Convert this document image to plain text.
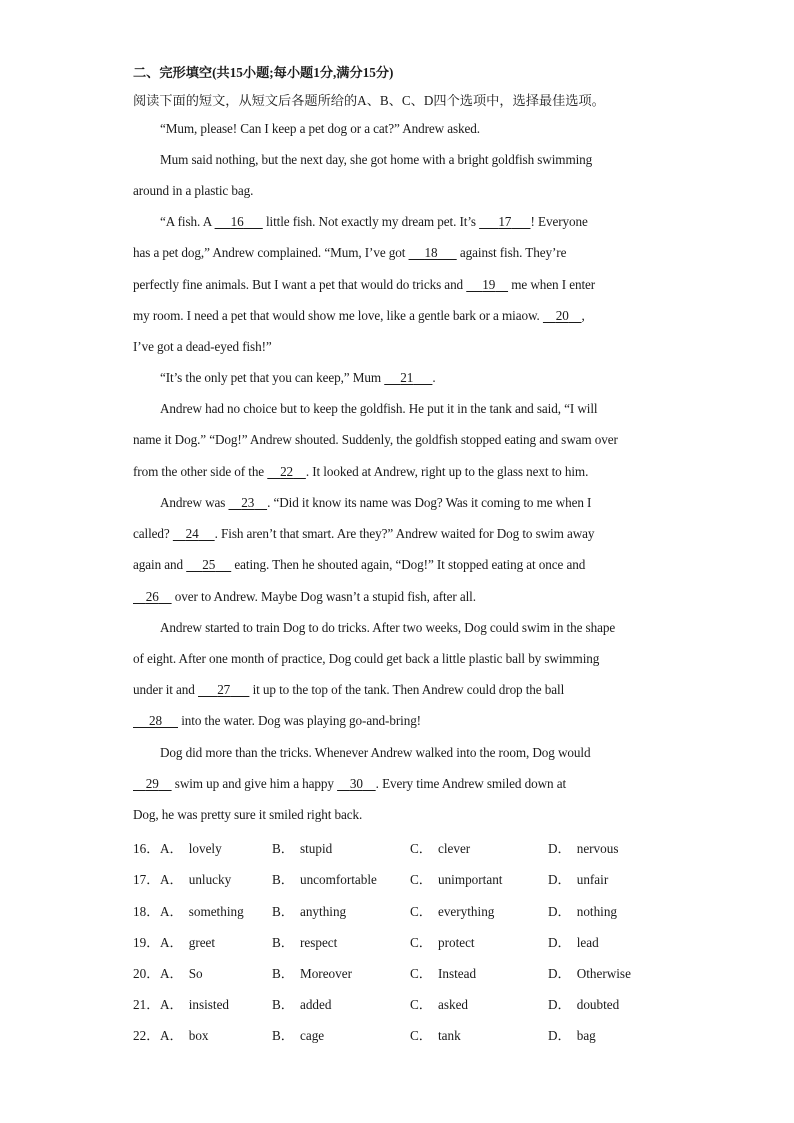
二、完形填空(共15小题;每小题1分,满分15分)
阅读下面的短文，从短文后各题所给的A、B、C、D四个选项中，选择最佳选项。
“Mum, please! Can I keep a pet dog or a cat?” Andrew asked.
Mum said nothing, but the next day, she got home with a bright goldfish swimming
around in a plastic bag.
“A fish. A      16       little fish. Not exactly my dream pet. It’s       17 ! Everyone
has a pet dog,” Andrew complained. “Mum, I’ve got      18       against fish. They’re
perfectly fine animals. But I want a pet that would do tricks and      19     me when I enter
my room. I need a pet that would show me love, like a gentle bark or a miaow.     20 ,
I’ve got a dead-eyed fish!”
“It’s the only pet that you can keep,” Mum      21 .
Andrew had no choice but to keep the goldfish. He put it in the tank and said, “I will
name it Dog.” “Dog!” Andrew shouted. Suddenly, the goldfish stopped eating and swam over
from the other side of the     22 . It looked at Andrew, right up to the glass next to him.
Andrew was     23 . “Did it know its name was Dog? Was it coming to me when I
called?     24 . Fish aren’t that smart. Are they?” Andrew waited for Dog to swim away
again and      25      eating. Then he shouted again, “Dog!” It stopped eating at once and
26     over to Andrew. Maybe Dog wasn’t a stupid fish, after all.
Andrew started to train Dog to do tricks. After two weeks, Dog could swim in the shape
of eight. After one month of practice, Dog could get back a little plastic ball by swimming
under it and       27       it up to the top of the tank. Then Andrew could drop the ball
28      into the water. Dog was playing go-and-bring!
Dog did more than the tricks. Whenever Andrew walked into the room, Dog would
29     swim up and give him a happy     30 . Every time Andrew smiled down at
Dog, he was pretty sure it smiled right back.
16． A． lovely	B． stupid	C． clever	D． nervous
17． A． unlucky	B． uncomfortable	C． unimportant	D． unfair
18． A． something B． anything	C． everything	D． nothing
19． A． greet	B． respect	C． protect	D． lead
20． A． So	B． Moreover	C． Instead	D． Otherwise
21． A． insisted	B． added	C． asked	D． doubted
22． A． box	B． cage	C． tank	D． bag
